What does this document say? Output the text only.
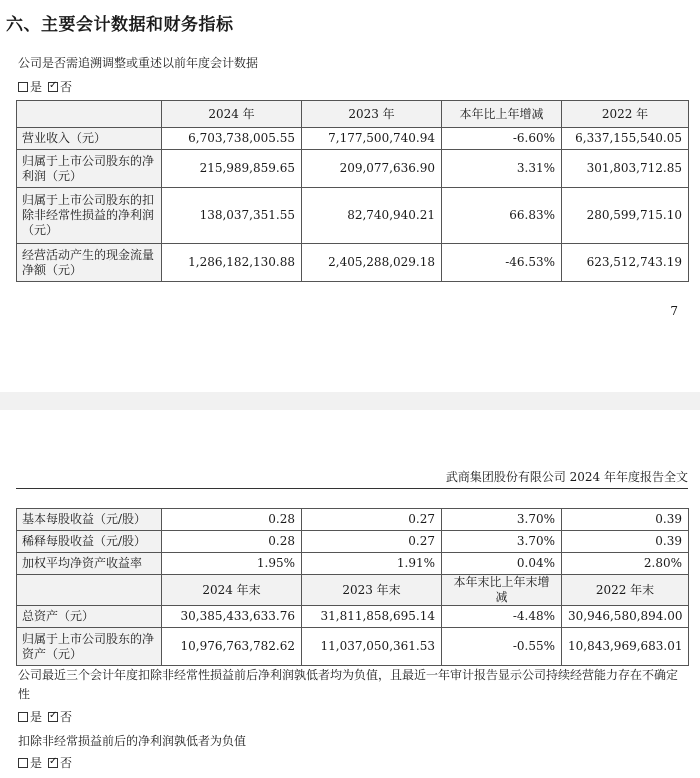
六、主要会计数据和财务指标
公司是否需追溯调整或重述以前年度会计数据
是 ✓ 否
	2024 年	2023 年	本年比上年增减	2022 年
营业收入（元）	6,703,738,005.55	7,177,500,740.94	-6.60%	6,337,155,540.05
归属于上市公司股东的净利润（元）	215,989,859.65	209,077,636.90	3.31%	301,803,712.85
归属于上市公司股东的扣除非经常性损益的净利润（元）	138,037,351.55	82,740,940.21	66.83%	280,599,715.10
经营活动产生的现金流量净额（元）	1,286,182,130.88	2,405,288,029.18	-46.53%	623,512,743.19
7
武商集团股份有限公司 2024 年年度报告全文
基本每股收益（元/股）	0.28	0.27	3.70%	0.39
稀释每股收益（元/股）	0.28	0.27	3.70%	0.39
加权平均净资产收益率	1.95%	1.91%	0.04%	2.80%
	2024 年末	2023 年末	本年末比上年末增减	2022 年末
总资产（元）	30,385,433,633.76	31,811,858,695.14	-4.48%	30,946,580,894.00
归属于上市公司股东的净资产（元）	10,976,763,782.62	11,037,050,361.53	-0.55%	10,843,969,683.01
公司最近三个会计年度扣除非经常性损益前后净利润孰低者均为负值，且最近一年审计报告显示公司持续经营能力存在不确定性
是 ✓ 否
扣除非经常损益前后的净利润孰低者为负值
是 ✓ 否
